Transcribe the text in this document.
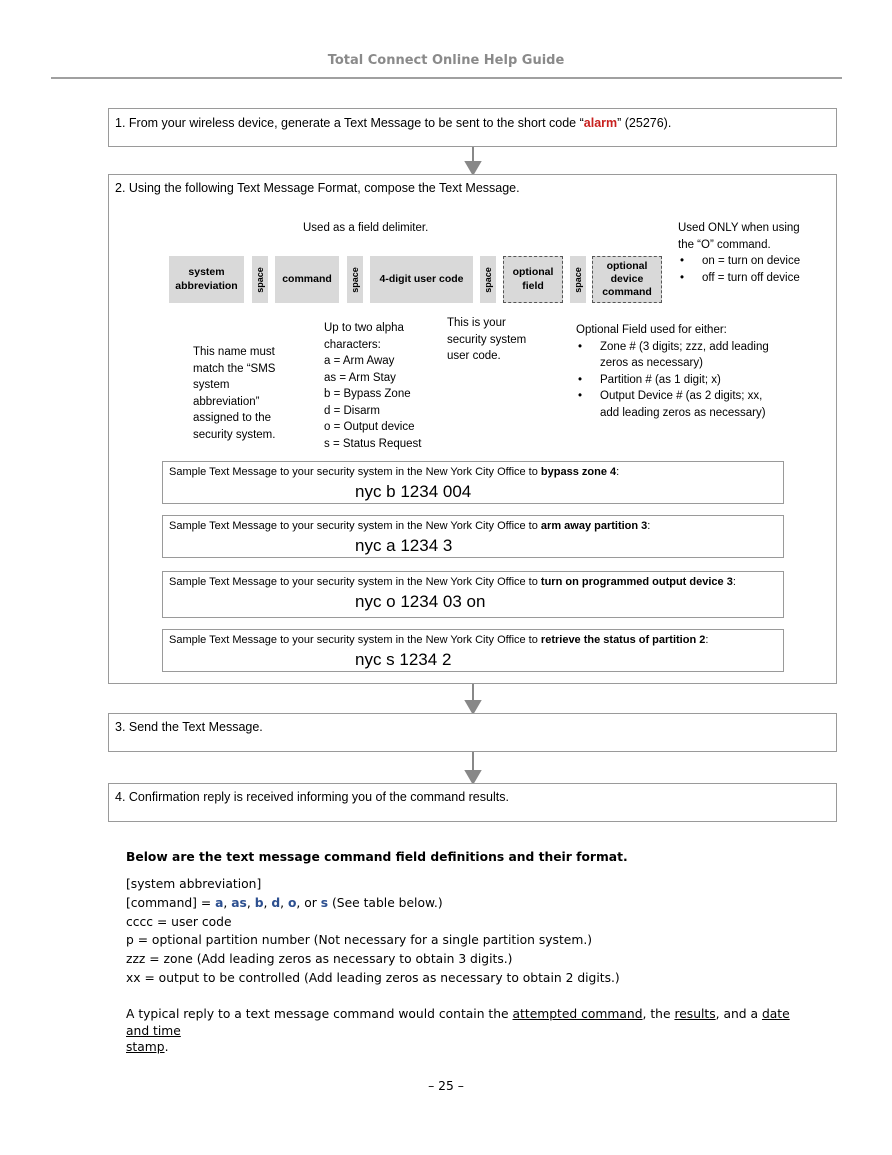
Total Connect Online Help Guide
1. From your wireless device, generate a Text Message to be sent to the short code “alarm” (25276).
2. Using the following Text Message Format, compose the Text Message.
system abbreviation	space	command	space	4-digit user code	space	optional field	space
optional device command
Used as a field delimiter.	Used ONLY when using
the “O” command.
• on = turn on device
• off = turn off device
This name must
match the “SMS
system
abbreviation”
assigned to the
security system.
Up to two alpha
characters:
a = Arm Away
as = Arm Stay
b = Bypass Zone
d = Disarm
o = Output device
s = Status Request
This is your
security system
user code.
Optional Field used for either:
• Zone # (3 digits; zzz, add leading zeros as necessary)
• Partition # (as 1 digit; x)
• Output Device # (as 2 digits; xx, add leading zeros as necessary)
Sample Text Message to your security system in the New York City Office to bypass zone 4:
nyc b 1234 004
Sample Text Message to your security system in the New York City Office to arm away partition 3:
nyc a 1234 3
Sample Text Message to your security system in the New York City Office to turn on programmed output device 3:
nyc o 1234 03 on
Sample Text Message to your security system in the New York City Office to retrieve the status of partition 2:
nyc s 1234 2
3. Send the Text Message.
4. Confirmation reply is received informing you of the command results.
Below are the text message command field definitions and their format.
[system abbreviation]
[command] = a, as, b, d, o, or s (See table below.)
cccc = user code
p = optional partition number (Not necessary for a single partition system.)
zzz = zone (Add leading zeros as necessary to obtain 3 digits.)
xx = output to be controlled (Add leading zeros as necessary to obtain 2 digits.)
A typical reply to a text message command would contain the attempted command, the results, and a date and time
stamp.
– 25 –
